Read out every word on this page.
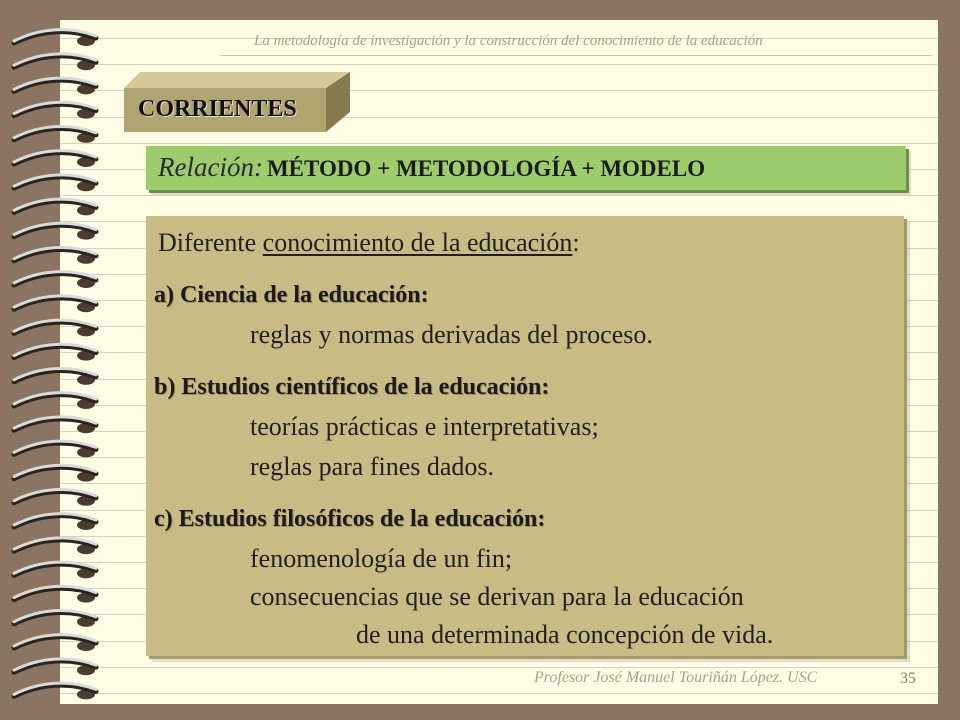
La metodología de investigación y la construcción del conocimiento de la educación
CORRIENTES
Relación: MÉTODO + METODOLOGÍA + MODELO
Diferente conocimiento de la educación:
a) Ciencia de la educación:
reglas y normas derivadas del proceso.
b) Estudios científicos de la educación:
teorías prácticas e interpretativas;
reglas para fines dados.
c) Estudios filosóficos de la educación:
fenomenología de un fin;
consecuencias que se derivan para la educación
de una determinada concepción de vida.
Profesor José Manuel Touriñán López. USC	35
